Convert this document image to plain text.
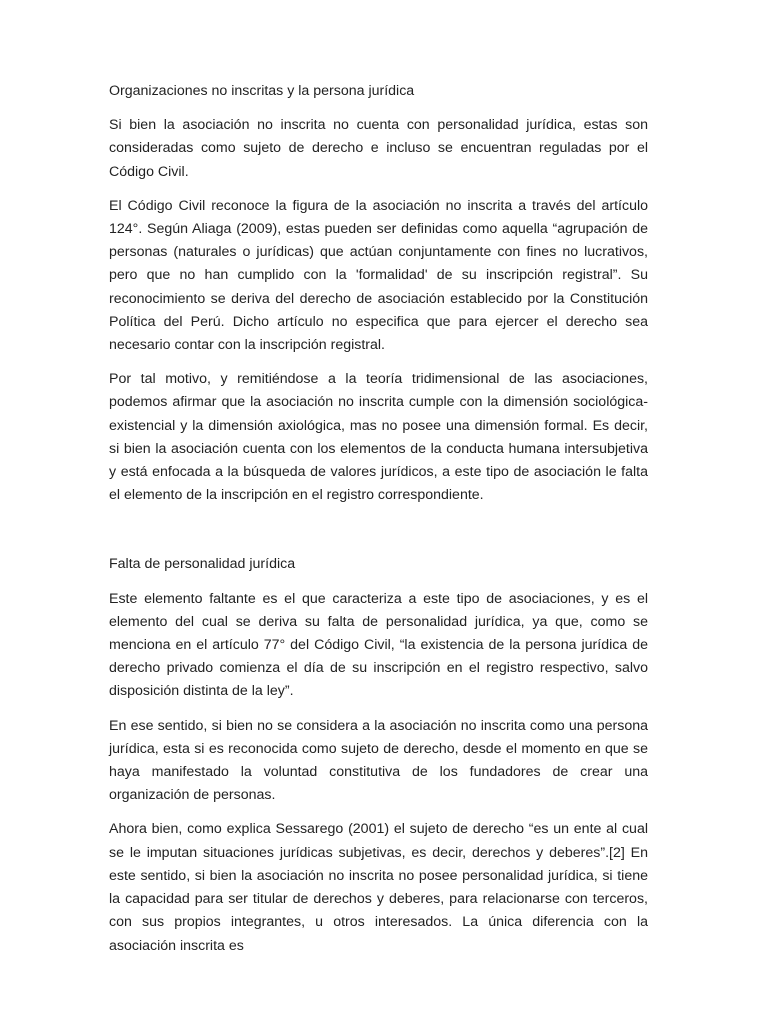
Organizaciones no inscritas y la persona jurídica

Si bien la asociación no inscrita no cuenta con personalidad jurídica, estas son consideradas como sujeto de derecho e incluso se encuentran reguladas por el Código Civil.

El Código Civil reconoce la figura de la asociación no inscrita a través del artículo 124°. Según Aliaga (2009), estas pueden ser definidas como aquella “agrupación de personas (naturales o jurídicas) que actúan conjuntamente con fines no lucrativos, pero que no han cumplido con la 'formalidad' de su inscripción registral”. Su reconocimiento se deriva del derecho de asociación establecido por la Constitución Política del Perú. Dicho artículo no especifica que para ejercer el derecho sea necesario contar con la inscripción registral.

Por tal motivo, y remitiéndose a la teoría tridimensional de las asociaciones, podemos afirmar que la asociación no inscrita cumple con la dimensión sociológica-existencial y la dimensión axiológica, mas no posee una dimensión formal. Es decir, si bien la asociación cuenta con los elementos de la conducta humana intersubjetiva y está enfocada a la búsqueda de valores jurídicos, a este tipo de asociación le falta el elemento de la inscripción en el registro correspondiente.

Falta de personalidad jurídica

Este elemento faltante es el que caracteriza a este tipo de asociaciones, y es el elemento del cual se deriva su falta de personalidad jurídica, ya que, como se menciona en el artículo 77° del Código Civil, “la existencia de la persona jurídica de derecho privado comienza el día de su inscripción en el registro respectivo, salvo disposición distinta de la ley”.

En ese sentido, si bien no se considera a la asociación no inscrita como una persona jurídica, esta si es reconocida como sujeto de derecho, desde el momento en que se haya manifestado la voluntad constitutiva de los fundadores de crear una organización de personas.

Ahora bien, como explica Sessarego (2001) el sujeto de derecho “es un ente al cual se le imputan situaciones jurídicas subjetivas, es decir, derechos y deberes”.[2] En este sentido, si bien la asociación no inscrita no posee personalidad jurídica, si tiene la capacidad para ser titular de derechos y deberes, para relacionarse con terceros, con sus propios integrantes, u otros interesados. La única diferencia con la asociación inscrita es
